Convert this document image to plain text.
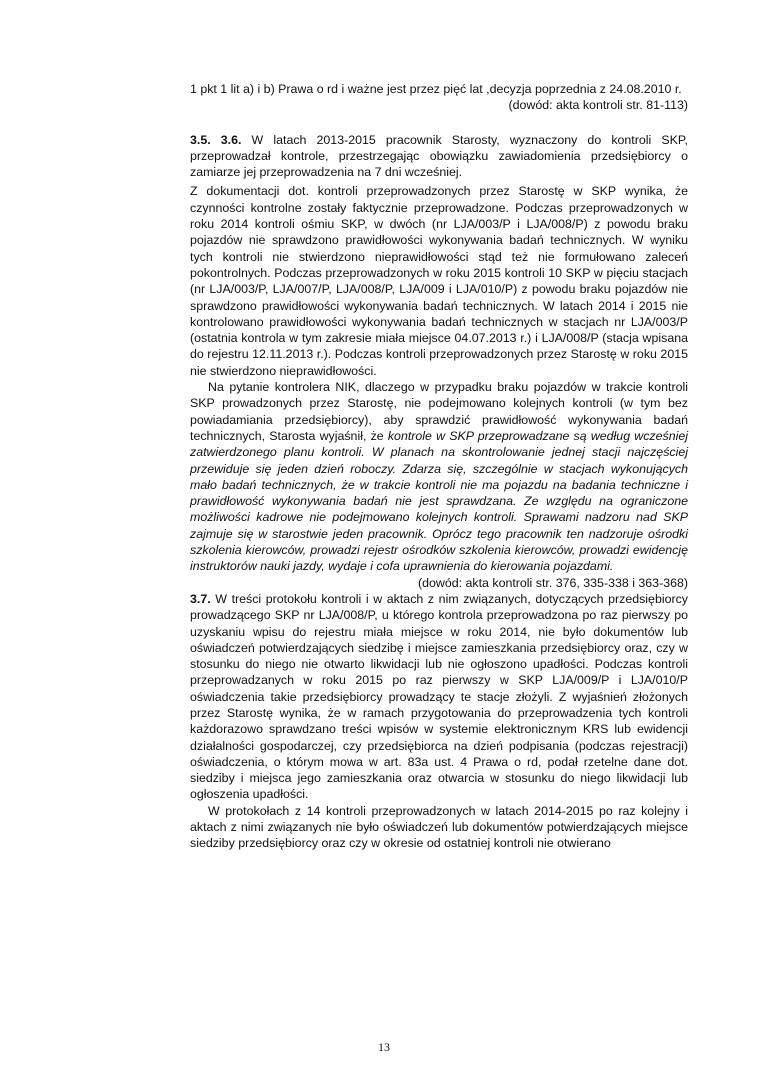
1 pkt 1 lit a) i b) Prawa o rd i ważne jest przez pięć lat ,decyzja poprzednia z 24.08.2010 r.

(dowód: akta kontroli str. 81-113)

3.5. 3.6. W latach 2013-2015 pracownik Starosty, wyznaczony do kontroli SKP, przeprowadzał kontrole, przestrzegając obowiązku zawiadomienia przedsiębiorcy o zamiarze jej przeprowadzenia na 7 dni wcześniej.

Z dokumentacji dot. kontroli przeprowadzonych przez Starostę w SKP wynika, że czynności kontrolne zostały faktycznie przeprowadzone. Podczas przeprowadzonych w roku 2014 kontroli ośmiu SKP, w dwóch (nr LJA/003/P i LJA/008/P) z powodu braku pojazdów nie sprawdzono prawidłowości wykonywania badań technicznych. W wyniku tych kontroli nie stwierdzono nieprawidłowości stąd też nie formułowano zaleceń pokontrolnych. Podczas przeprowadzonych w roku 2015 kontroli 10 SKP w pięciu stacjach (nr LJA/003/P, LJA/007/P, LJA/008/P, LJA/009 i LJA/010/P) z powodu braku pojazdów nie sprawdzono prawidłowości wykonywania badań technicznych. W latach 2014 i 2015 nie kontrolowano prawidłowości wykonywania badań technicznych w stacjach nr LJA/003/P (ostatnia kontrola w tym zakresie miała miejsce 04.07.2013 r.) i LJA/008/P (stacja wpisana do rejestru 12.11.2013 r.). Podczas kontroli przeprowadzonych przez Starostę w roku 2015 nie stwierdzono nieprawidłowości.

Na pytanie kontrolera NIK, dlaczego w przypadku braku pojazdów w trakcie kontroli SKP prowadzonych przez Starostę, nie podejmowano kolejnych kontroli (w tym bez powiadamiania przedsiębiorcy), aby sprawdzić prawidłowość wykonywania badań technicznych, Starosta wyjaśnił, że kontrole w SKP przeprowadzane są według wcześniej zatwierdzonego planu kontroli. W planach na skontrolowanie jednej stacji najczęściej przewiduje się jeden dzień roboczy. Zdarza się, szczególnie w stacjach wykonujących mało badań technicznych, że w trakcie kontroli nie ma pojazdu na badania techniczne i prawidłowość wykonywania badań nie jest sprawdzana. Ze względu na ograniczone możliwości kadrowe nie podejmowano kolejnych kontroli. Sprawami nadzoru nad SKP zajmuje się w starostwie jeden pracownik. Oprócz tego pracownik ten nadzoruje ośrodki szkolenia kierowców, prowadzi rejestr ośrodków szkolenia kierowców, prowadzi ewidencję instruktorów nauki jazdy, wydaje i cofa uprawnienia do kierowania pojazdami.

(dowód: akta kontroli str. 376, 335-338 i 363-368)

3.7. W treści protokołu kontroli i w aktach z nim związanych, dotyczących przedsiębiorcy prowadzącego SKP nr LJA/008/P, u którego kontrola przeprowadzona po raz pierwszy po uzyskaniu wpisu do rejestru miała miejsce w roku 2014, nie było dokumentów lub oświadczeń potwierdzających siedzibę i miejsce zamieszkania przedsiębiorcy oraz, czy w stosunku do niego nie otwarto likwidacji lub nie ogłoszono upadłości. Podczas kontroli przeprowadzanych w roku 2015 po raz pierwszy w SKP LJA/009/P i LJA/010/P oświadczenia takie przedsiębiorcy prowadzący te stacje złożyli. Z wyjaśnień złożonych przez Starostę wynika, że w ramach przygotowania do przeprowadzenia tych kontroli każdorazowo sprawdzano treści wpisów w systemie elektronicznym KRS lub ewidencji działalności gospodarczej, czy przedsiębiorca na dzień podpisania (podczas rejestracji) oświadczenia, o którym mowa w art. 83a ust. 4 Prawa o rd, podał rzetelne dane dot. siedziby i miejsca jego zamieszkania oraz otwarcia w stosunku do niego likwidacji lub ogłoszenia upadłości.

W protokołach z 14 kontroli przeprowadzonych w latach 2014-2015 po raz kolejny i aktach z nimi związanych nie było oświadczeń lub dokumentów potwierdzających miejsce siedziby przedsiębiorcy oraz czy w okresie od ostatniej kontroli nie otwierano

13
